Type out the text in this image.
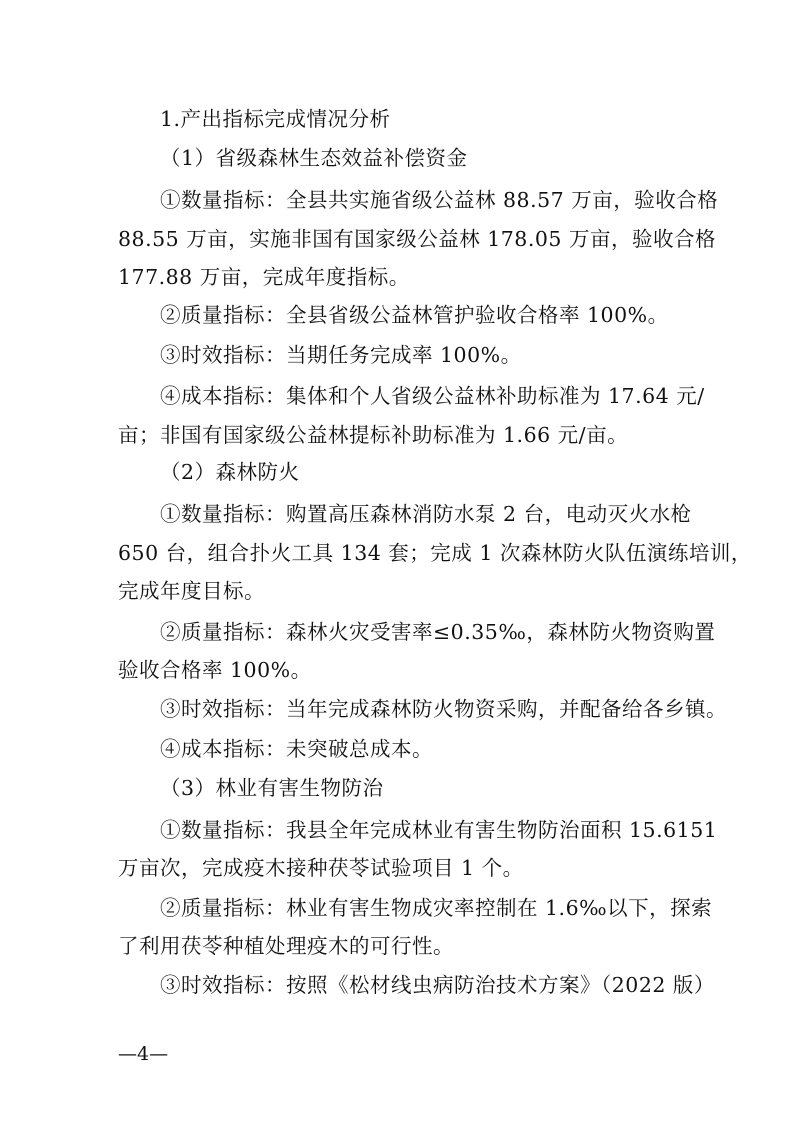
1.产出指标完成情况分析
（1）省级森林生态效益补偿资金
①数量指标：全县共实施省级公益林 88.57 万亩，验收合格
88.55 万亩，实施非国有国家级公益林 178.05 万亩，验收合格
177.88 万亩，完成年度指标。
②质量指标：全县省级公益林管护验收合格率 100%。
③时效指标：当期任务完成率 100%。
④成本指标：集体和个人省级公益林补助标准为 17.64 元/
亩；非国有国家级公益林提标补助标准为 1.66 元/亩。
（2）森林防火
①数量指标：购置高压森林消防水泵 2 台，电动灭火水枪
650 台，组合扑火工具 134 套；完成 1 次森林防火队伍演练培训，
完成年度目标。
②质量指标：森林火灾受害率≤0.35‰，森林防火物资购置
验收合格率 100%。
③时效指标：当年完成森林防火物资采购，并配备给各乡镇。
④成本指标：未突破总成本。
（3）林业有害生物防治
①数量指标：我县全年完成林业有害生物防治面积 15.6151
万亩次，完成疫木接种茯苓试验项目 1 个。
②质量指标：林业有害生物成灾率控制在 1.6‰以下，探索
了利用茯苓种植处理疫木的可行性。
③时效指标：按照《松材线虫病防治技术方案》（2022 版）
—4—
